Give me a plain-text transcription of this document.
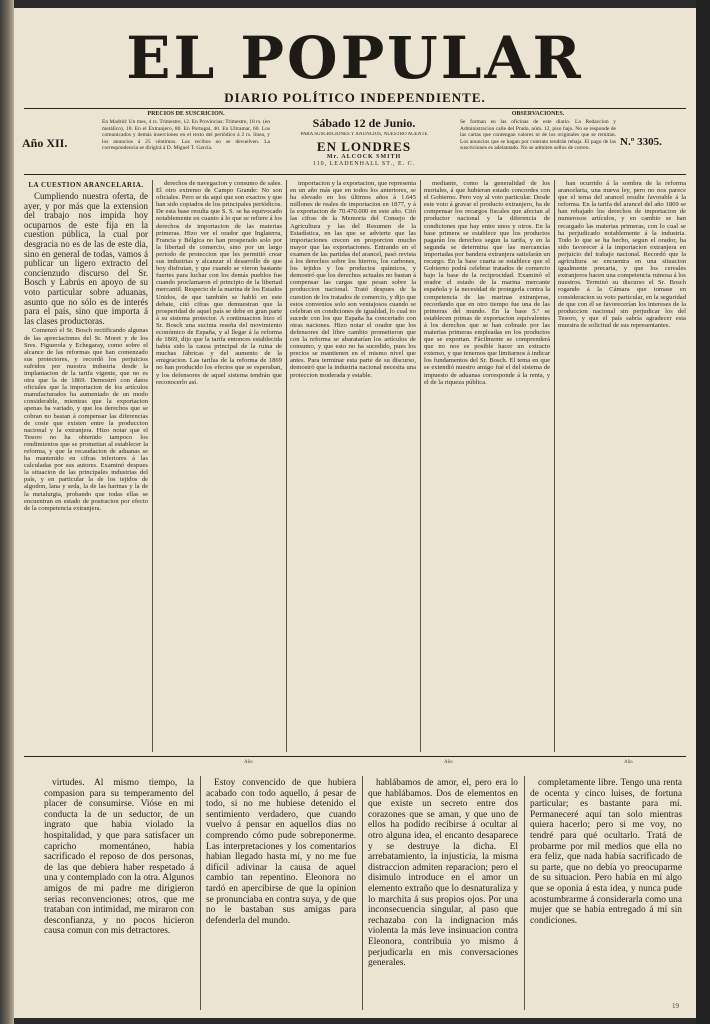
EL POPULAR
DIARIO POLÍTICO INDEPENDIENTE.
Año XII.
PRECIOS DE SUSCRICION.
En Madrid: Un mes, 4 rs. Trimestre, 12. En Provincias: Trimestre, 18 rs. (en metálico), 18. En el Extranjero, 80. En Portugal, 40. En Ultramar, 60. Los comunicados y demás inserciones en el texto del periódico á 2 rs. línea, y los anuncios á 25 céntimos. Los recibos no se devuelven. La correspondencia se dirigirá á D. Miguel T. García.
Sábado 12 de Junio.
PARA SUSCRICIONES Y ANUNCIOS, NUESTRO AGENTE
EN LONDRES
Mr. ALCOCK SMITH
110, LEADENHALL ST., E. C.
OBSERVACIONES.
Se forman en las oficinas de este diario. La Redaccion y Administracion calle del Prado, núm. 12, piso bajo. No se responde de las cartas que contengan valores ni de los originales que se remitan. Los anuncios que se hagan por contrato tendrán rebaja. El pago de las suscriciones es adelantado. No se admiten sellos de correo.
N.º 3305.

LA CUESTION ARANCELARIA.

Cumpliendo nuestra oferta, de ayer, y por más que la extension del trabajo nos impida hoy ocuparnos de este fija en la cuestion pública, la cual por desgracia no es de las de este dia, sino en general de todas, vamos á publicar un ligero extracto del concienzudo discurso del Sr. Bosch y Labrús en apoyo de su voto particular sobre aduanas, asunto que no sólo es de interés para el país, sino que importa á las clases productoras.

Comenzó el Sr. Bosch rectificando algunas de las apreciaciones del Sr. Moret y de los Sres. Figuerola y Echegaray, como sobre el alcance de las reformas que han comenzado sus protectores, y recordó los perjuicios sufridos por nuestra industria desde la implantacion de la tarifa vigente, que no es otra que la de 1869. Demostró con datos oficiales que la importacion de los artículos manufacturados ha aumentado de un modo considerable, mientras que la exportacion apenas ha variado, y que los derechos que se cobran no bastan á compensar las diferencias de coste que existen entre la produccion nacional y la extranjera. Hizo notar que el Tesoro no ha obtenido tampoco los rendimientos que se prometian al establecer la reforma, y que la recaudacion de aduanas se ha mantenido en cifras inferiores á las calculadas por sus autores. Examinó despues la situacion de las principales industrias del país, y en particular la de los tejidos de algodon, lana y seda, la de las harinas y la de la metalurgia, probando que todas ellas se encuentran en estado de postracion por efecto de la competencia extranjera.

derechos de navegacion y consumo de sales. El otro extremo de Campo Grande: No son oficiales. Pero se da aquí que son exactos y que han sido copiados de los principales periódicos. De esta base resulta que S. S. se ha equivocado notablemente en cuanto á lo que se refiere á los derechos de importacion de las materias primeras. Hizo ver el orador que Inglaterra, Francia y Bélgica no han prosperado solo por la libertad de comercio, sino por un largo periodo de proteccion que les permitió crear sus industrias y alcanzar el desarrollo de que hoy disfrutan, y que cuando se vieron bastante fuertes para luchar con los demás pueblos fue cuando proclamaron el principio de la libertad mercantil. Respecto de la marina de los Estados Unidos, de que también se habló en este debate, citó cifras que demuestran que la prosperidad de aquel país se debe en gran parte á su sistema protector. A continuacion hizo el Sr. Bosch una sucinta reseña del movimiento económico de España, y al llegar á la reforma de 1869, dijo que la tarifa entonces establecida habia sido la causa principal de la ruina de muchas fábricas y del aumento de la emigracion. Las tarifas de la reforma de 1869 no han producido los efectos que se esperaban, y los defensores de aquel sistema tendrán que reconocerlo así.

importacion y la exportacion, que representa en un año más que en todos los anteriores, se ha elevado en los últimos años á 1.645 millones de reales de importacion en 1877, y á la exportacion de 70.470.000 en este año. Citó las cifras de la Memoria del Consejo de Agricultura y las del Resumen de la Estadística, en las que se advierte que las importaciones crecen en proporcion mucho mayor que las exportaciones. Entrando en el examen de las partidas del arancel, pasó revista á los derechos sobre los hierros, los carbones, los tejidos y los productos químicos, y demostró que los derechos actuales no bastan á compensar las cargas que pesan sobre la produccion nacional. Trató despues de la cuestion de los tratados de comercio, y dijo que estos convenios solo son ventajosos cuando se celebran en condiciones de igualdad, lo cual no sucede con los que España ha concertado con otras naciones. Hizo notar el orador que los defensores del libre cambio prometieron que con la reforma se abaratarían los artículos de consumo, y que esto no ha sucedido, pues los precios se mantienen en el mismo nivel que antes. Para terminar esta parte de su discurso, demostró que la industria nacional necesita una proteccion moderada y estable.

mediante, como la generalidad de los mortales, á que hubieran estado concordes con el Gobierno. Pero voy al voto particular. Desde este voto á gravar el producto extranjero, ha de compensar los recargos fiscales que afectan al productor nacional y la diferencia de condiciones que hay entre unos y otros. En la base primera se establece que los productos pagarán los derechos segun la tarifa, y en la segunda se determina que las mercancías importadas por bandera extranjera satisfarán un recargo. En la base cuarta se establece que el Gobierno podrá celebrar tratados de comercio bajo la base de la reciprocidad. Examinó el orador el estado de la marina mercante española y la necesidad de protegerla contra la competencia de las marinas extranjeras, recordando que en otro tiempo fue una de las primeras del mundo. En la base 5.ª se establecen primas de exportacion equivalentes á los derechos que se han cobrado por las materias primeras empleadas en los productos que se exportan. Fácilmente se comprenderá que no nos es posible hacer un extracto extenso, y que tenemos que limitarnos á indicar los fundamentos del Sr. Bosch. El tema en que se extendió nuestro amigo fué el del sistema de impuesto de aduanas corresponde á la renta, y el de la riqueza pública.

han ocurrido á la sombra de la reforma arancelaria, una nueva ley, pero no nos parece que el tema del arancel resulte favorable á la reforma. En la tarifa del arancel del año 1869 se han rebajado los derechos de importacion de numerosos artículos, y en cambio se han recargado las materias primeras, con lo cual se ha perjudicado notablemente á la industria. Todo lo que se ha hecho, segun el orador, ha sido favorecer á la importacion extranjera en perjuicio del trabajo nacional. Recordó que la agricultura se encuentra en una situacion igualmente precaria, y que los cereales extranjeros hacen una competencia ruinosa á los nuestros. Terminó su discurso el Sr. Bosch rogando á la Cámara que tomase en consideracion su voto particular, en la seguridad de que con él se favorecerían los intereses de la produccion nacional sin perjudicar los del Tesoro, y que el país sabría agradecer esta muestra de solicitud de sus representantes.

Año	Año	Año

virtudes. Al mismo tiempo, la compasion para su temperamento del placer de consumirse. Vióse en mi conducta la de un seductor, de un ingrato que habia violado la hospitalidad, y que para satisfacer un capricho momentáneo, habia sacrificado el reposo de dos personas, de las que debiera haber respetado á una y contemplado con la otra. Algunos amigos de mi padre me dirigieron serias reconvenciones; otros, que me trataban con intimidad, me miraron con desconfianza, y no pocos hicieron causa comun con mis detractores.

Estoy convencido de que hubiera acabado con todo aquello, á pesar de todo, si no me hubiese detenido el sentimiento verdadero, que cuando vuelvo á pensar en aquellos dias no comprendo cómo pude sobreponerme. Las interpretaciones y los comentarios habian llegado hasta mí, y no me fue difícil adivinar la causa de aquel cambio tan repentino. Eleonora no tardó en apercibirse de que la opinion se pronunciaba en contra suya, y de que no le bastaban sus amigas para defenderla del mundo.

hablábamos de amor, el, pero era lo que hablábamos. Dos de elementos en que existe un secreto entre dos corazones que se aman, y que uno de ellos ha podido recibirse á ocultar al otro alguna idea, el encanto desaparece y se destruye la dicha. El arrebatamiento, la injusticia, la misma distraccion admiten reparacion; pero el disimulo introduce en el amor un elemento extraño que lo desnaturaliza y lo marchita á sus propios ojos. Por una inconsecuencia singular, al paso que rechazaba con la indignacion más violenta la más leve insinuacion contra Eleonora, contribuia yo mismo á perjudicarla en mis conversaciones generales.

completamente libre. Tengo una renta de ocenta y cinco luises, de fortuna particular; es bastante para mí. Permaneceré aquí tan solo mientras quiera hacerlo; pero si me voy, no tendré para qué ocultarlo. Tratá de probarme por mil medios que ella no era feliz, que nada había sacrificado de su parte, que no debía yo preocuparme de su situacion. Pero había en mí algo que se oponia á esta idea, y nunca pude acostumbrarme á considerarla como una mujer que se habia entregado á mí sin condiciones.

19
